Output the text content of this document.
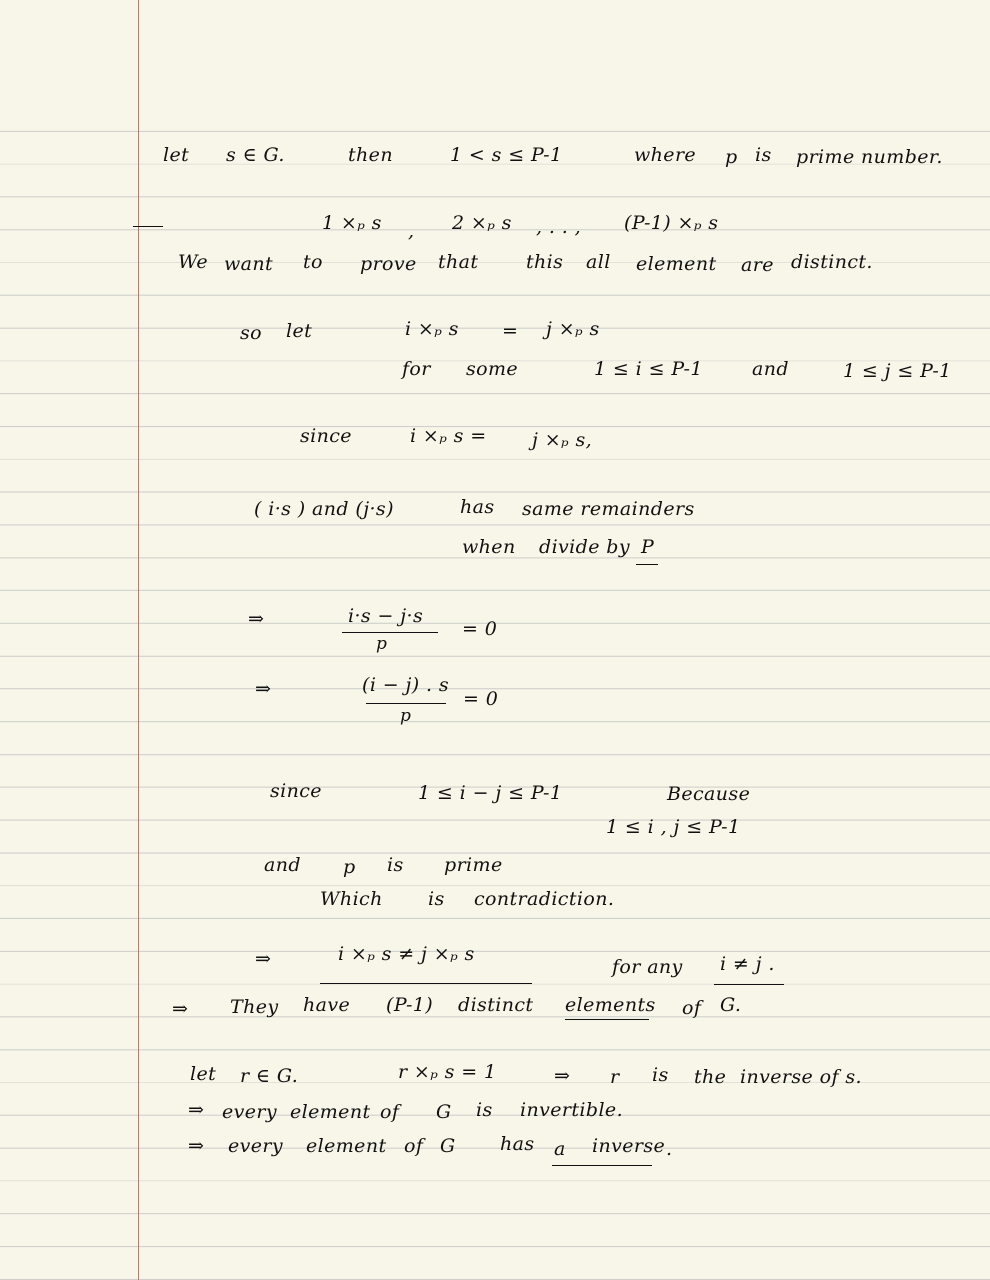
let s ∈ G.	then	1 < s ≤ P-1	where p is prime number.
1 ×ₚ s , 2 ×ₚ s , . . , (P-1) ×ₚ s
We want to prove that	this all element are distinct.
so let	i ×ₚ s = j ×ₚ s
for some	1 ≤ i ≤ P-1	and	1 ≤ j ≤ P-1
since	i ×ₚ s = j ×ₚ s,
( i·s ) and (j·s)	has same remainders
when divide by P
⇒	i·s − j·s
p
= 0
⇒	(i − j) . s
p
= 0
since	1 ≤ i − j ≤ P-1	Because
1 ≤ i , j ≤ P-1
and p is prime
Which is contradiction.
⇒	i ×ₚ s ≠ j ×ₚ s
for any i ≠ j .
⇒ They have (P-1) distinct elements of G.
let r ∈ G.	r ×ₚ s = 1	⇒ r is the inverse of s.
⇒ every element of G is invertible.
⇒ every element of G has a inverse .
